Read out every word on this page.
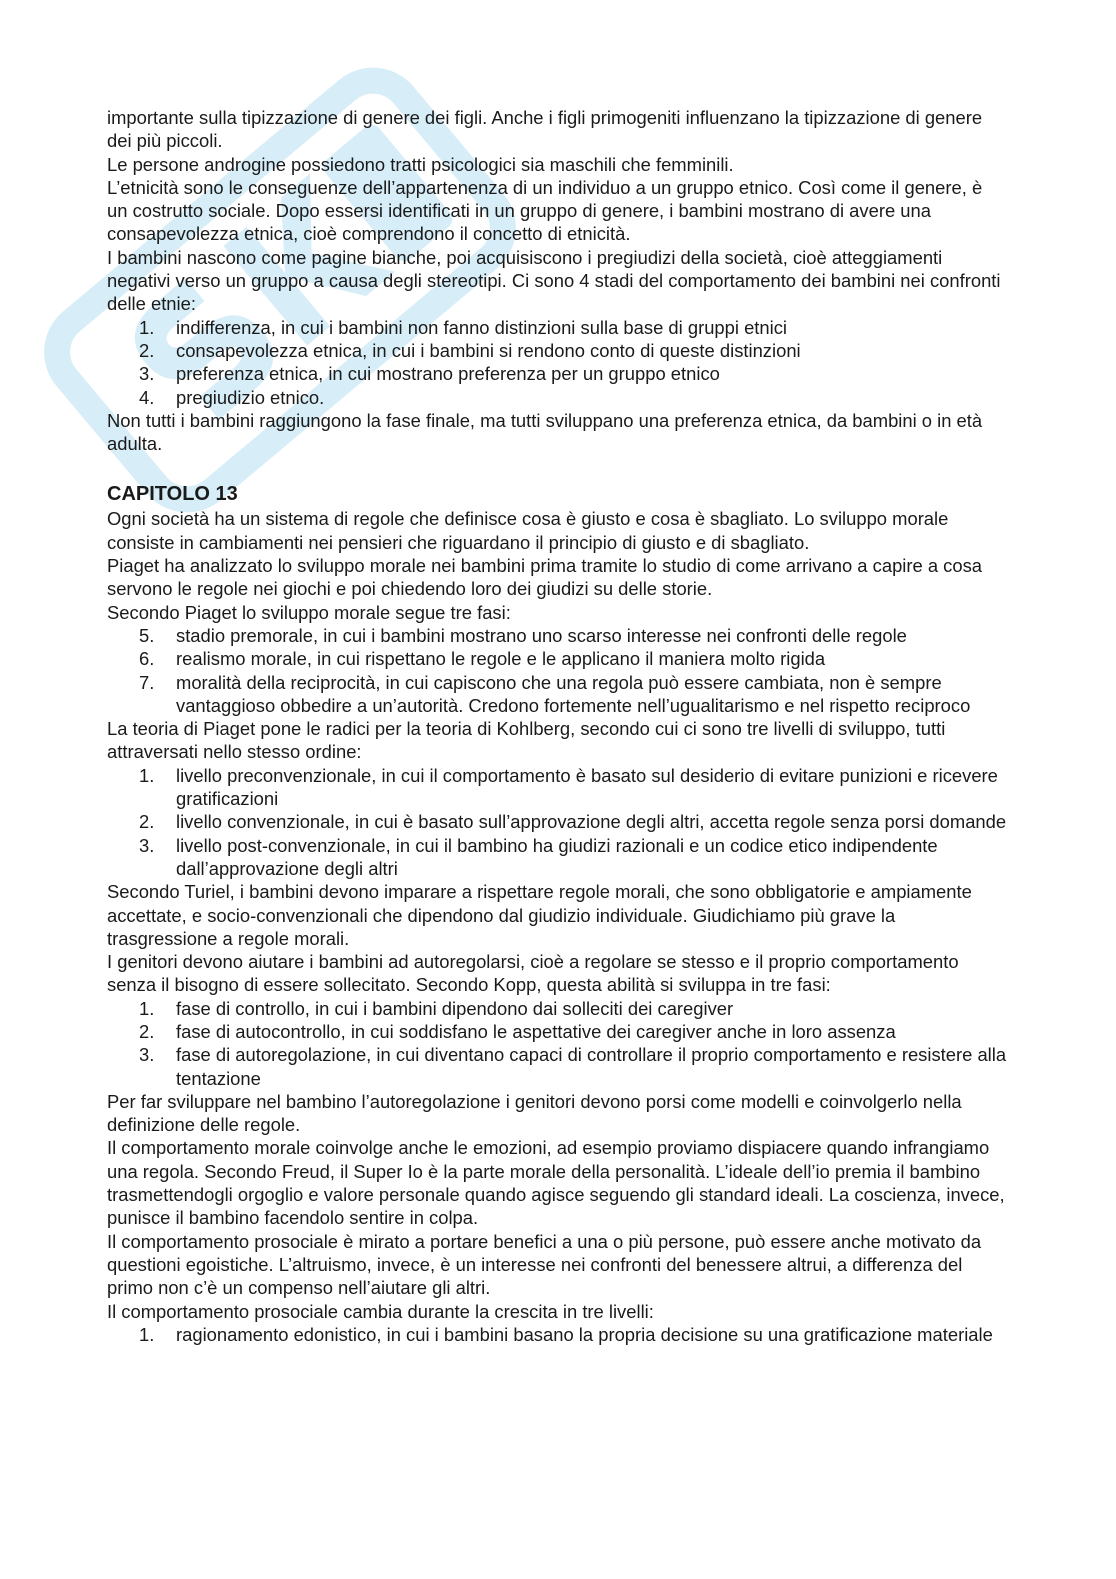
importante sulla tipizzazione di genere dei figli. Anche i figli primogeniti influenzano la tipizzazione di genere dei più piccoli.

Le persone androgine possiedono tratti psicologici sia maschili che femminili.

L’etnicità sono le conseguenze dell’appartenenza di un individuo a un gruppo etnico. Così come il genere, è un costrutto sociale. Dopo essersi identificati in un gruppo di genere, i bambini mostrano di avere una consapevolezza etnica, cioè comprendono il concetto di etnicità.

I bambini nascono come pagine bianche, poi acquisiscono i pregiudizi della società, cioè atteggiamenti negativi verso un gruppo a causa degli stereotipi. Ci sono 4 stadi del comportamento dei bambini nei confronti delle etnie:

1. indifferenza, in cui i bambini non fanno distinzioni sulla base di gruppi etnici
2. consapevolezza etnica, in cui i bambini si rendono conto di queste distinzioni
3. preferenza etnica, in cui mostrano preferenza per un gruppo etnico
4. pregiudizio etnico.

Non tutti i bambini raggiungono la fase finale, ma tutti sviluppano una preferenza etnica, da bambini o in età adulta.

CAPITOLO 13

Ogni società ha un sistema di regole che definisce cosa è giusto e cosa è sbagliato. Lo sviluppo morale consiste in cambiamenti nei pensieri che riguardano il principio di giusto e di sbagliato.

Piaget ha analizzato lo sviluppo morale nei bambini prima tramite lo studio di come arrivano a capire a cosa servono le regole nei giochi e poi chiedendo loro dei giudizi su delle storie.

Secondo Piaget lo sviluppo morale segue tre fasi:

5. stadio premorale, in cui i bambini mostrano uno scarso interesse nei confronti delle regole
6. realismo morale, in cui rispettano le regole e le applicano il maniera molto rigida
7. moralità della reciprocità, in cui capiscono che una regola può essere cambiata, non è sempre vantaggioso obbedire a un’autorità. Credono fortemente nell’ugualitarismo e nel rispetto reciproco

La teoria di Piaget pone le radici per la teoria di Kohlberg, secondo cui ci sono tre livelli di sviluppo, tutti attraversati nello stesso ordine:

1. livello preconvenzionale, in cui il comportamento è basato sul desiderio di evitare punizioni e ricevere gratificazioni
2. livello convenzionale, in cui è basato sull’approvazione degli altri, accetta regole senza porsi domande
3. livello post-convenzionale, in cui il bambino ha giudizi razionali e un codice etico indipendente dall’approvazione degli altri

Secondo Turiel, i bambini devono imparare a rispettare regole morali, che sono obbligatorie e ampiamente accettate, e socio-convenzionali che dipendono dal giudizio individuale. Giudichiamo più grave la trasgressione a regole morali.

I genitori devono aiutare i bambini ad autoregolarsi, cioè a regolare se stesso e il proprio comportamento senza il bisogno di essere sollecitato. Secondo Kopp, questa abilità si sviluppa in tre fasi:

1. fase di controllo, in cui i bambini dipendono dai solleciti dei caregiver
2. fase di autocontrollo, in cui soddisfano le aspettative dei caregiver anche in loro assenza
3. fase di autoregolazione, in cui diventano capaci di controllare il proprio comportamento e resistere alla tentazione

Per far sviluppare nel bambino l’autoregolazione i genitori devono porsi come modelli e coinvolgerlo nella definizione delle regole.

Il comportamento morale coinvolge anche le emozioni, ad esempio proviamo dispiacere quando infrangiamo una regola. Secondo Freud, il Super Io è la parte morale della personalità. L’ideale dell’io premia il bambino trasmettendogli orgoglio e valore personale quando agisce seguendo gli standard ideali. La coscienza, invece, punisce il bambino facendolo sentire in colpa.

Il comportamento prosociale è mirato a portare benefici a una o più persone, può essere anche motivato da questioni egoistiche. L’altruismo, invece, è un interesse nei confronti del benessere altrui, a differenza del primo non c’è un compenso nell’aiutare gli altri.

Il comportamento prosociale cambia durante la crescita in tre livelli:

1. ragionamento edonistico, in cui i bambini basano la propria decisione su una gratificazione materiale
